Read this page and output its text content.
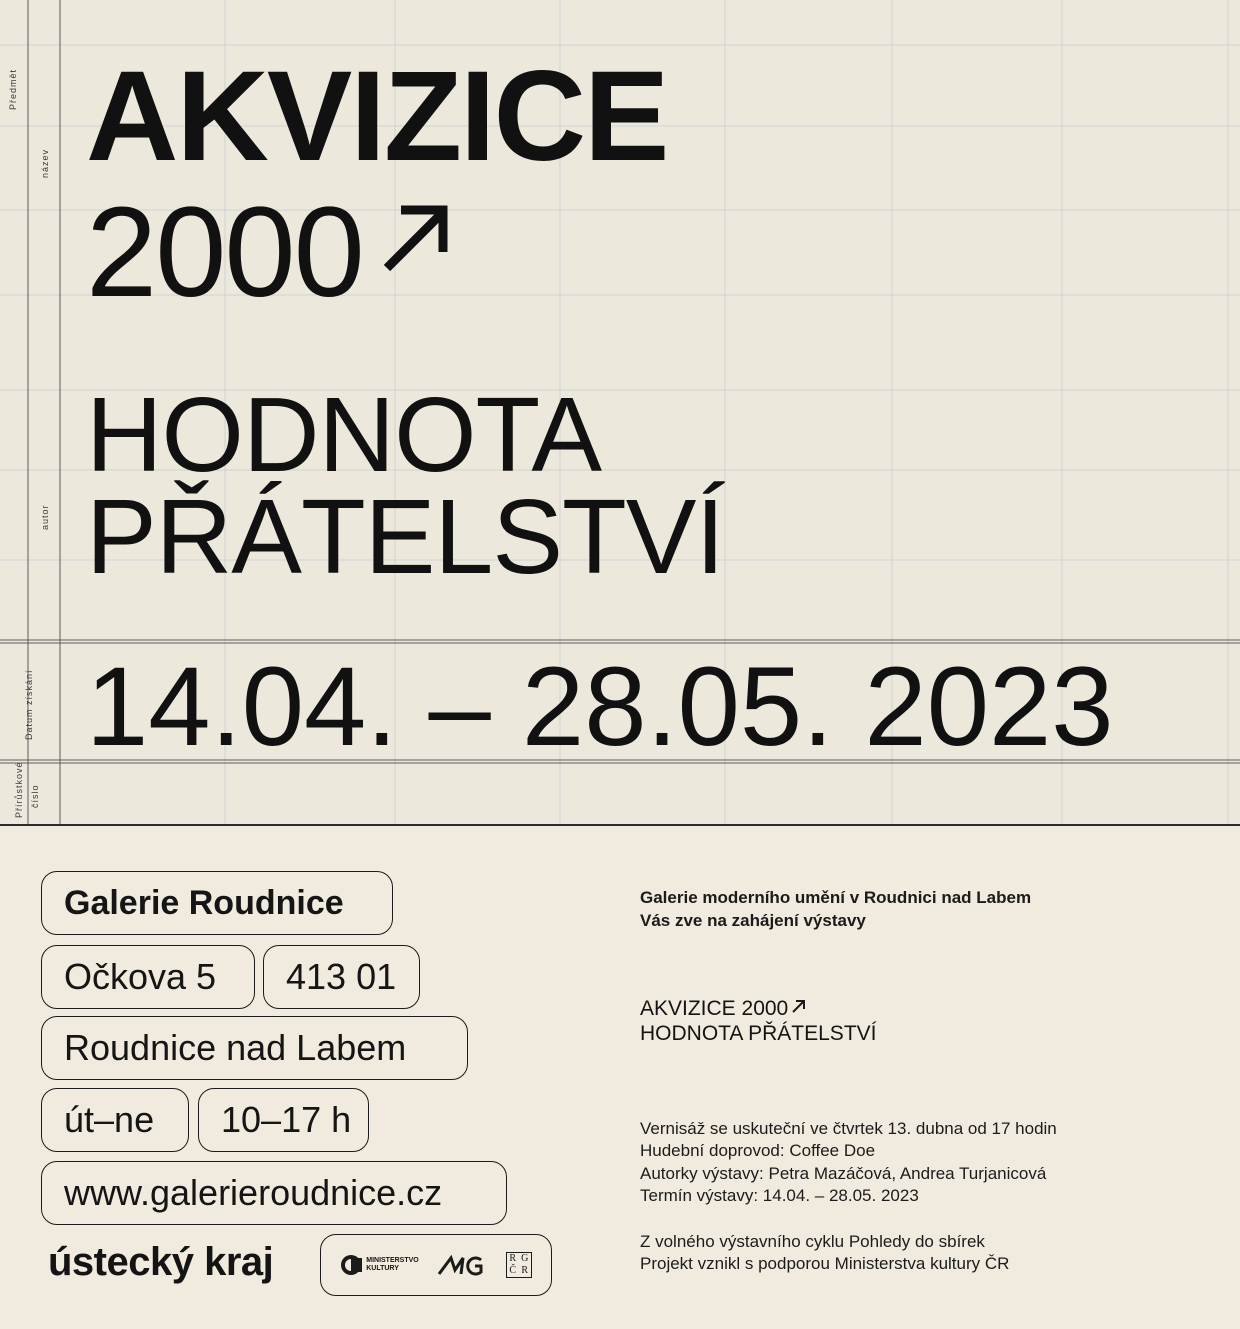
Předmět
název
autor
Datum získání
Přírůstkové číslo
AKVIZICE
2000
HODNOTA
PŘÁTELSTVÍ
14.04. – 28.05. 2023
Galerie Roudnice
Očkova 5	413 01
Roudnice nad Labem
út–ne	10–17 h
www.galerieroudnice.cz
ústecký kraj	MINISTERSTVO
KULTURY
R G
Č R
Galerie moderního umění v Roudnici nad Labem
Vás zve na zahájení výstavy
AKVIZICE 2000
HODNOTA PŘÁTELSTVÍ
Vernisáž se uskuteční ve čtvrtek 13. dubna od 17 hodin
Hudební doprovod: Coffee Doe
Autorky výstavy: Petra Mazáčová, Andrea Turjanicová
Termín výstavy: 14.04. – 28.05. 2023
Z volného výstavního cyklu Pohledy do sbírek
Projekt vznikl s podporou Ministerstva kultury ČR
